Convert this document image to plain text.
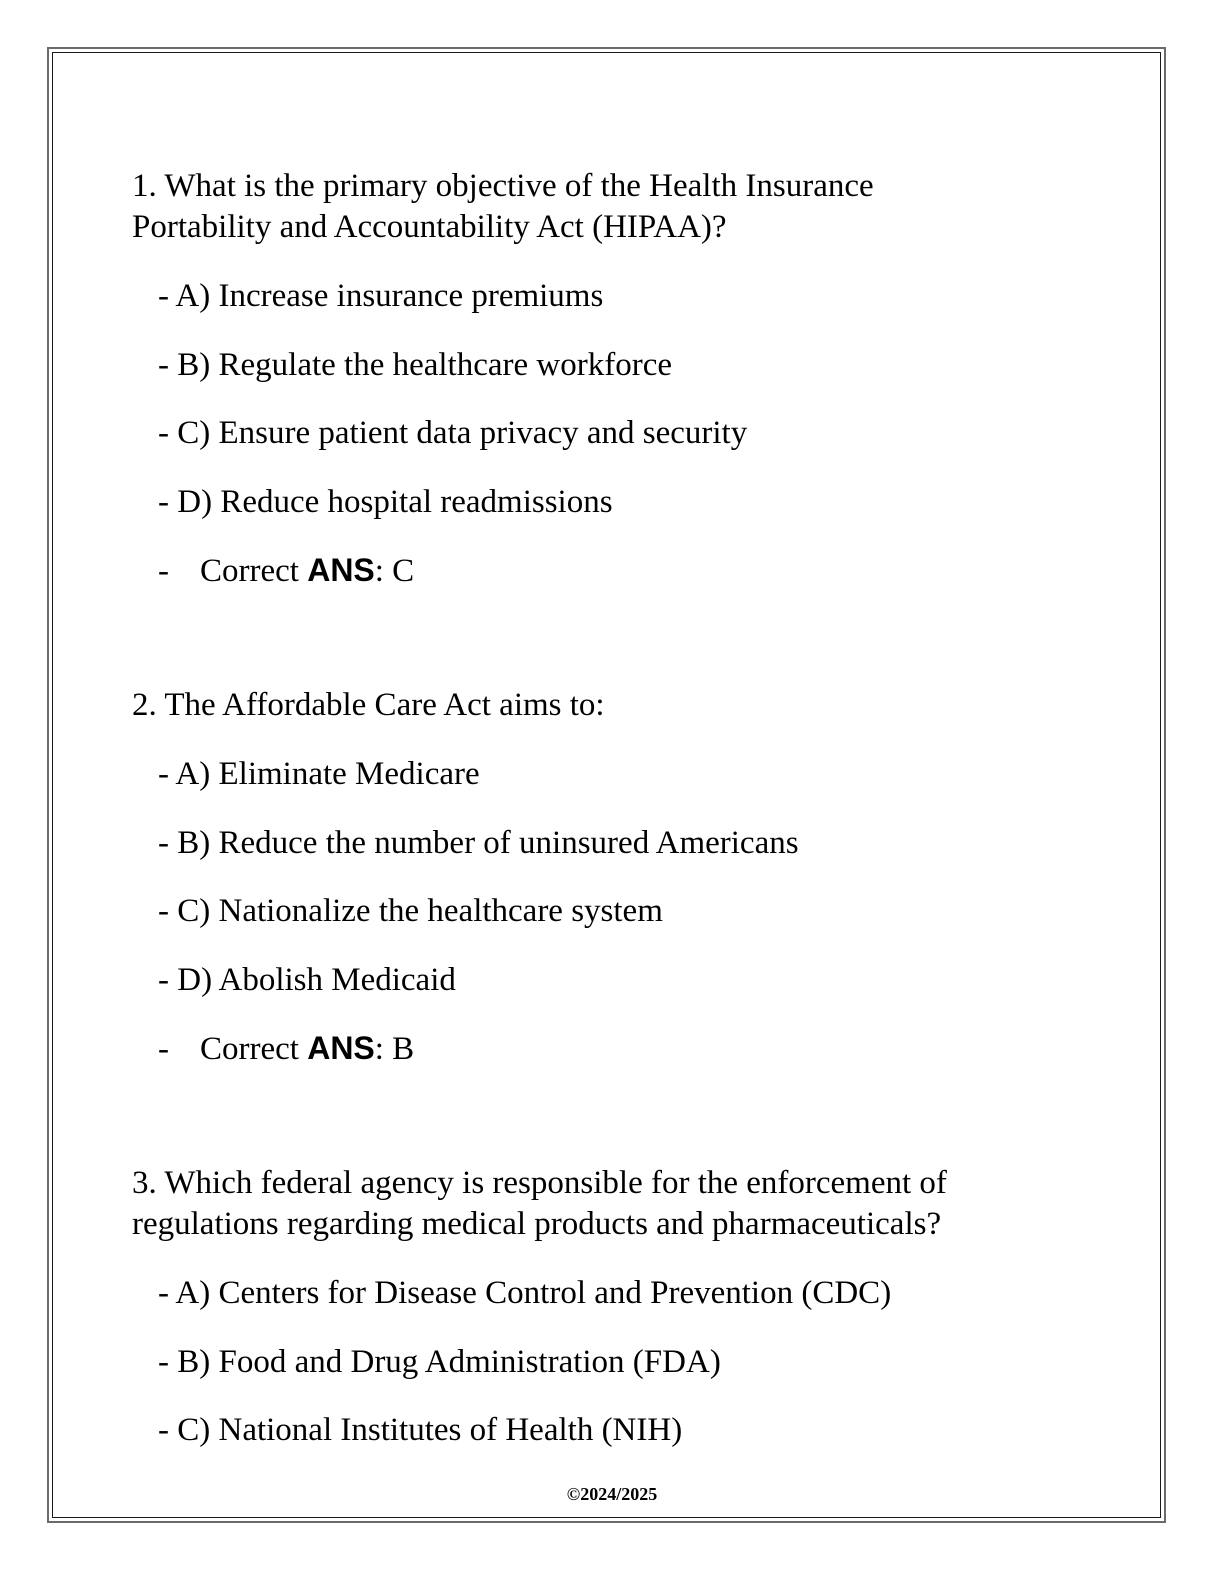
1. What is the primary objective of the Health Insurance
Portability and Accountability Act (HIPAA)?

- A) Increase insurance premiums
- B) Regulate the healthcare workforce
- C) Ensure patient data privacy and security
- D) Reduce hospital readmissions
- Correct ANS: C

2. The Affordable Care Act aims to:

- A) Eliminate Medicare
- B) Reduce the number of uninsured Americans
- C) Nationalize the healthcare system
- D) Abolish Medicaid
- Correct ANS: B

3. Which federal agency is responsible for the enforcement of
regulations regarding medical products and pharmaceuticals?

- A) Centers for Disease Control and Prevention (CDC)
- B) Food and Drug Administration (FDA)
- C) National Institutes of Health (NIH)
©2024/2025
